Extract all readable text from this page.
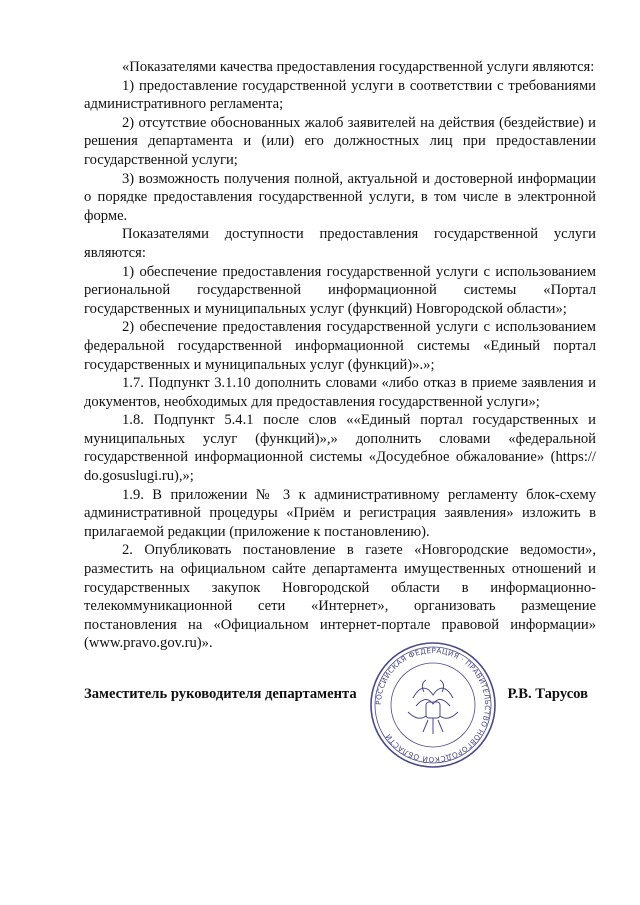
«Показателями качества предоставления государственной услуги являются:

1) предоставление государственной услуги в соответствии с требованиями административного регламента;

2) отсутствие обоснованных жалоб заявителей на действия (бездействие) и решения департамента и (или) его должностных лиц при предоставлении государственной услуги;

3) возможность получения полной, актуальной и достоверной информации о порядке предоставления государственной услуги, в том числе в электронной форме.

Показателями доступности предоставления государственной услуги являются:

1) обеспечение предоставления государственной услуги с использованием региональной государственной информационной системы «Портал государственных и муниципальных услуг (функций) Новгородской области»;

2) обеспечение предоставления государственной услуги с использованием федеральной государственной информационной системы «Единый портал государственных и муниципальных услуг (функций)».»;

1.7. Подпункт 3.1.10 дополнить словами «либо отказ в приеме заявления и документов, необходимых для предоставления государственной услуги»;

1.8. Подпункт 5.4.1 после слов ««Единый портал государственных и муниципальных услуг (функций)»,» дополнить словами «федеральной государственной информационной системы «Досудебное обжалование» (https:// do.gosuslugi.ru),»;

1.9. В приложении № 3 к административному регламенту блок-схему административной процедуры «Приём и регистрация заявления» изложить в прилагаемой редакции (приложение к постановлению).

2. Опубликовать постановление в газете «Новгородские ведомости», разместить на официальном сайте департамента имущественных отношений и государственных закупок Новгородской области в информационно-телекоммуникационной сети «Интернет», организовать размещение постановления на «Официальном интернет-портале правовой информации» (www.pravo.gov.ru)».

Заместитель руководителя департамента	Р.В. Тарусов
РОССИЙСКАЯ ФЕДЕРАЦИЯ · ПРАВИТЕЛЬСТВО НОВГОРОДСКОЙ ОБЛАСТИ
